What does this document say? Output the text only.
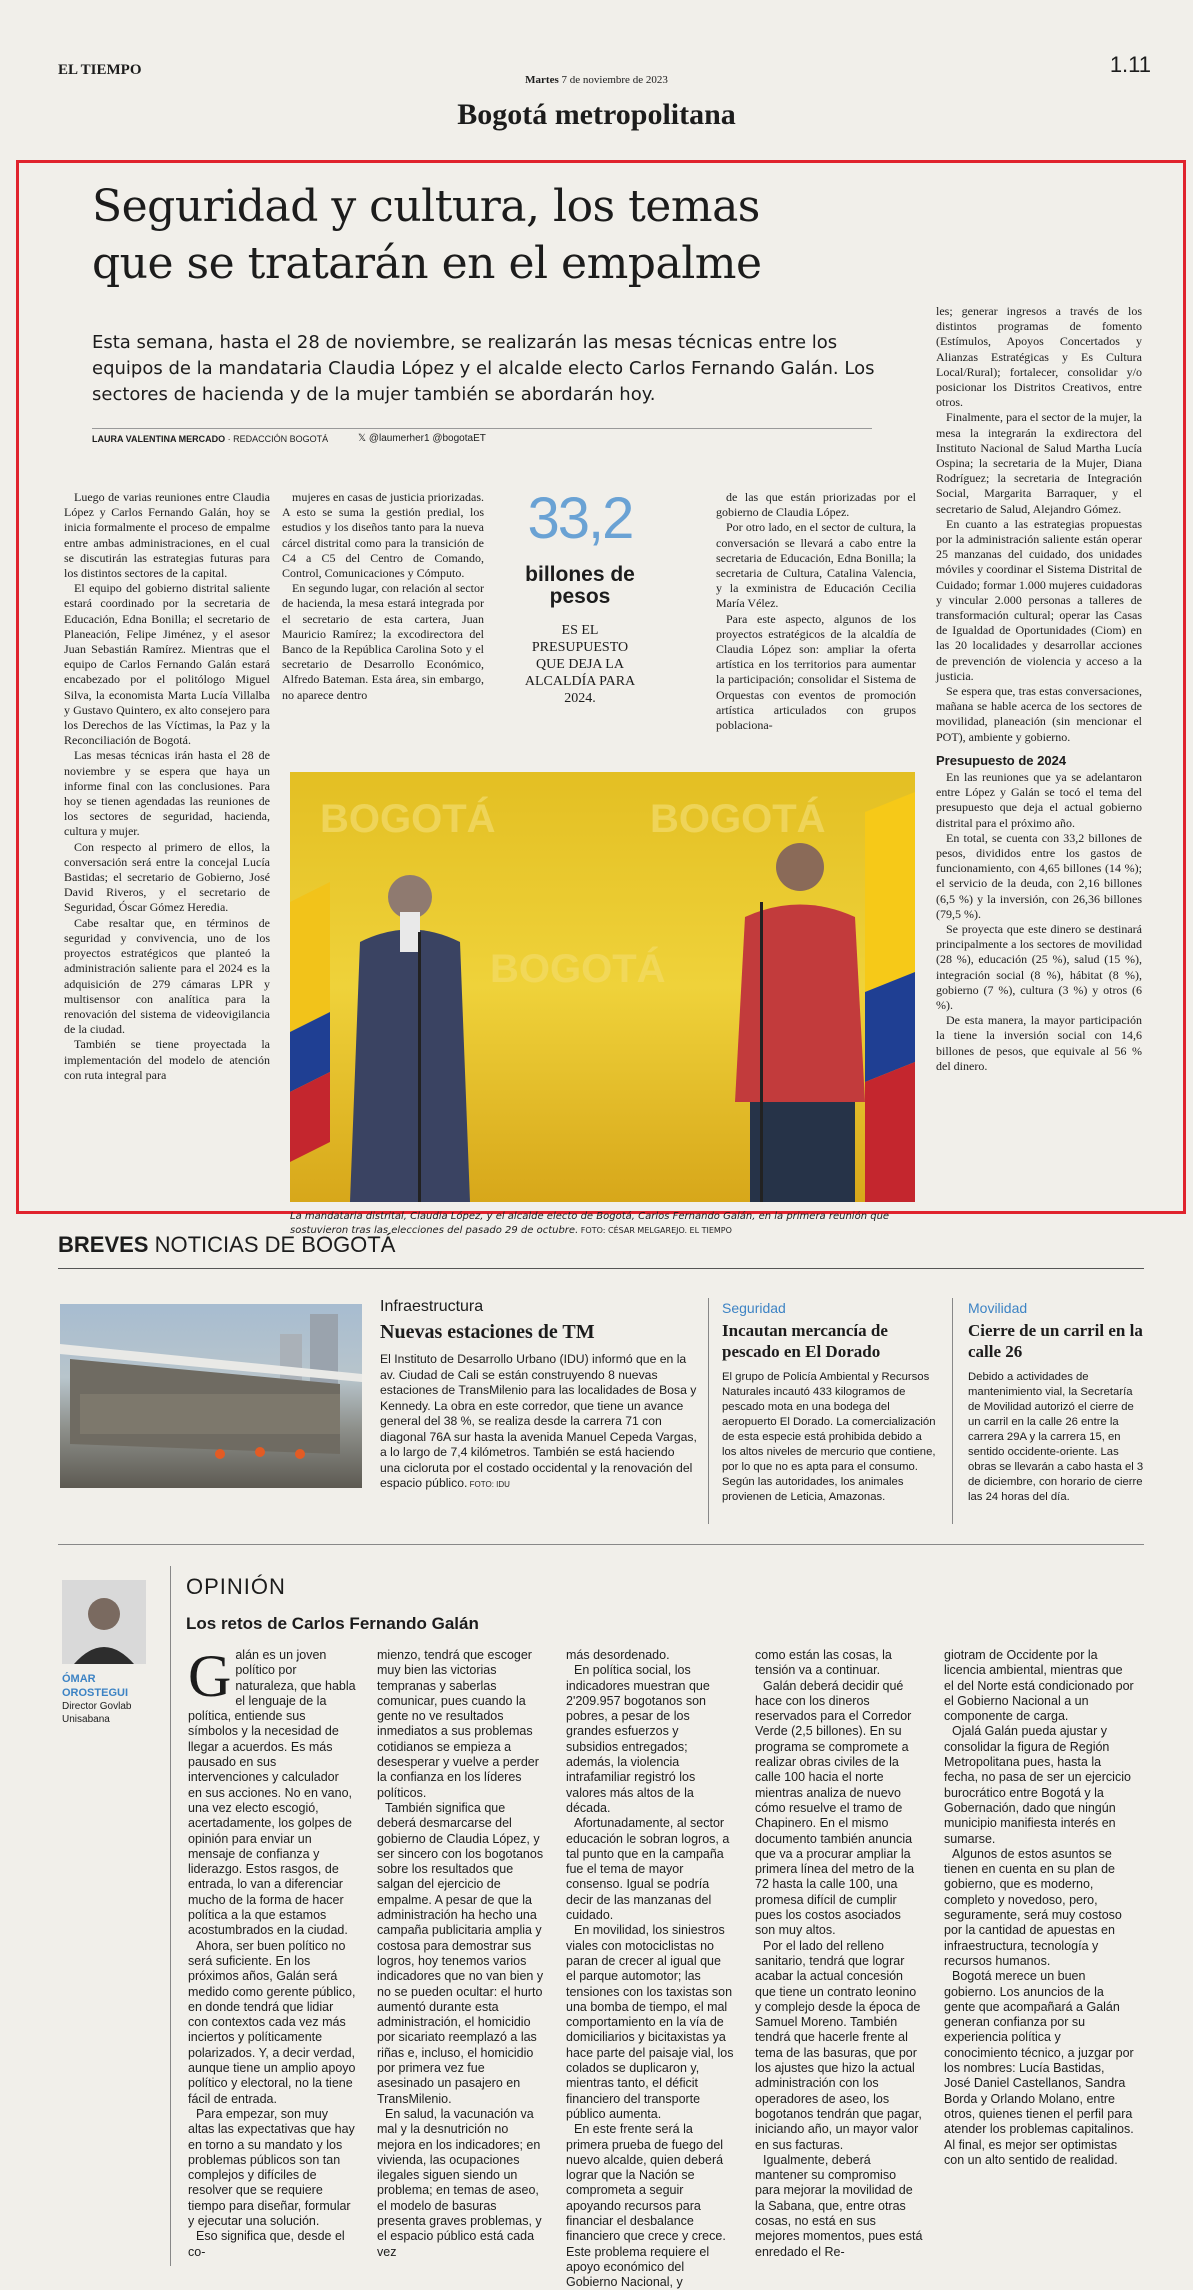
EL TIEMPO
Martes 7 de noviembre de 2023
1.11
Bogotá metropolitana
Seguridad y cultura, los temas
que se tratarán en el empalme
Esta semana, hasta el 28 de noviembre, se realizarán las mesas técnicas entre los equipos de la mandataria Claudia López y el alcalde electo Carlos Fernando Galán. Los sectores de hacienda y de la mujer también se abordarán hoy.
LAURA VALENTINA MERCADO · REDACCIÓN BOGOTÁ	𝕏 @laumerher1 @bogotaET

Luego de varias reuniones entre Claudia López y Carlos Fernando Galán, hoy se inicia formalmente el proceso de empalme entre ambas administraciones, en el cual se discutirán las estrategias futuras para los distintos sectores de la capital.

El equipo del gobierno distrital saliente estará coordinado por la secretaria de Educación, Edna Bonilla; el secretario de Planeación, Felipe Jiménez, y el asesor Juan Sebastián Ramírez. Mientras que el equipo de Carlos Fernando Galán estará encabezado por el politólogo Miguel Silva, la economista Marta Lucía Villalba y Gustavo Quintero, ex alto consejero para los Derechos de las Víctimas, la Paz y la Reconciliación de Bogotá.

Las mesas técnicas irán hasta el 28 de noviembre y se espera que haya un informe final con las conclusiones. Para hoy se tienen agendadas las reuniones de los sectores de seguridad, hacienda, cultura y mujer.

Con respecto al primero de ellos, la conversación será entre la concejal Lucía Bastidas; el secretario de Gobierno, José David Riveros, y el secretario de Seguridad, Óscar Gómez Heredia.

Cabe resaltar que, en términos de seguridad y convivencia, uno de los proyectos estratégicos que planteó la administración saliente para el 2024 es la adquisición de 279 cámaras LPR y multisensor con analítica para la renovación del sistema de videovigilancia de la ciudad.

También se tiene proyectada la implementación del modelo de atención con ruta integral para

mujeres en casas de justicia priorizadas. A esto se suma la gestión predial, los estudios y los diseños tanto para la nueva cárcel distrital como para la transición de C4 a C5 del Centro de Comando, Control, Comunicaciones y Cómputo.

En segundo lugar, con relación al sector de hacienda, la mesa estará integrada por el secretario de esta cartera, Juan Mauricio Ramírez; la excodirectora del Banco de la República Carolina Soto y el secretario de Desarrollo Económico, Alfredo Bateman. Esta área, sin embargo, no aparece dentro

33,2
billones de pesos
ES EL PRESUPUESTO QUE DEJA LA ALCALDÍA PARA 2024.

de las que están priorizadas por el gobierno de Claudia López.

Por otro lado, en el sector de cultura, la conversación se llevará a cabo entre la secretaria de Educación, Edna Bonilla; la secretaria de Cultura, Catalina Valencia, y la exministra de Educación Cecilia María Vélez.

Para este aspecto, algunos de los proyectos estratégicos de la alcaldía de Claudia López son: ampliar la oferta artística en los territorios para aumentar la participación; consolidar el Sistema de Orquestas con eventos de promoción artística articulados con grupos poblaciona-

les; generar ingresos a través de los distintos programas de fomento (Estímulos, Apoyos Concertados y Alianzas Estratégicas y Es Cultura Local/Rural); fortalecer, consolidar y/o posicionar los Distritos Creativos, entre otros.

Finalmente, para el sector de la mujer, la mesa la integrarán la exdirectora del Instituto Nacional de Salud Martha Lucía Ospina; la secretaria de la Mujer, Diana Rodríguez; la secretaria de Integración Social, Margarita Barraquer, y el secretario de Salud, Alejandro Gómez.

En cuanto a las estrategias propuestas por la administración saliente están operar 25 manzanas del cuidado, dos unidades móviles y coordinar el Sistema Distrital de Cuidado; formar 1.000 mujeres cuidadoras y vincular 2.000 personas a talleres de transformación cultural; operar las Casas de Igualdad de Oportunidades (Ciom) en las 20 localidades y desarrollar acciones de prevención de violencia y acceso a la justicia.

Se espera que, tras estas conversaciones, mañana se hable acerca de los sectores de movilidad, planeación (sin mencionar el POT), ambiente y gobierno.

Presupuesto de 2024

En las reuniones que ya se adelantaron entre López y Galán se tocó el tema del presupuesto que deja el actual gobierno distrital para el próximo año.

En total, se cuenta con 33,2 billones de pesos, divididos entre los gastos de funcionamiento, con 4,65 billones (14 %); el servicio de la deuda, con 2,16 billones (6,5 %) y la inversión, con 26,36 billones (79,5 %).

Se proyecta que este dinero se destinará principalmente a los sectores de movilidad (28 %), educación (25 %), salud (15 %), integración social (8 %), hábitat (8 %), gobierno (7 %), cultura (3 %) y otros (6 %).

De esta manera, la mayor participación la tiene la inversión social con 14,6 billones de pesos, que equivale al 56 % del dinero.

BOGOTÁ	BOGOTÁ
BOGOTÁ
La mandataria distrital, Claudia López, y el alcalde electo de Bogotá, Carlos Fernando Galán, en la primera reunión que sostuvieron tras las elecciones del pasado 29 de octubre. FOTO: CÉSAR MELGAREJO. EL TIEMPO
BREVES NOTICIAS DE BOGOTÁ
Infraestructura
Nuevas estaciones de TM
El Instituto de Desarrollo Urbano (IDU) informó que en la av. Ciudad de Cali se están construyendo 8 nuevas estaciones de TransMilenio para las localidades de Bosa y Kennedy. La obra en este corredor, que tiene un avance general del 38 %, se realiza desde la carrera 71 con diagonal 76A sur hasta la avenida Manuel Cepeda Vargas, a lo largo de 7,4 kilómetros. También se está haciendo una cicloruta por el costado occidental y la renovación del espacio público. FOTO: IDU
Seguridad
Incautan mercancía de pescado en El Dorado
El grupo de Policía Ambiental y Recursos Naturales incautó 433 kilogramos de pescado mota en una bodega del aeropuerto El Dorado. La comercialización de esta especie está prohibida debido a los altos niveles de mercurio que contiene, por lo que no es apta para el consumo. Según las autoridades, los animales provienen de Leticia, Amazonas.
Movilidad
Cierre de un carril en la calle 26
Debido a actividades de mantenimiento vial, la Secretaría de Movilidad autorizó el cierre de un carril en la calle 26 entre la carrera 29A y la carrera 15, en sentido occidente-oriente. Las obras se llevarán a cabo hasta el 3 de diciembre, con horario de cierre las 24 horas del día.
ÓMAR
OROSTEGUI
Director Govlab
Unisabana
OPINIÓN
Los retos de Carlos Fernando Galán

Galán es un joven político por naturaleza, que habla el lenguaje de la política, entiende sus símbolos y la necesidad de llegar a acuerdos. Es más pausado en sus intervenciones y calculador en sus acciones. No en vano, una vez electo escogió, acertadamente, los golpes de opinión para enviar un mensaje de confianza y liderazgo. Estos rasgos, de entrada, lo van a diferenciar mucho de la forma de hacer política a la que estamos acostumbrados en la ciudad.

Ahora, ser buen político no será suficiente. En los próximos años, Galán será medido como gerente público, en donde tendrá que lidiar con contextos cada vez más inciertos y políticamente polarizados. Y, a decir verdad, aunque tiene un amplio apoyo político y electoral, no la tiene fácil de entrada.

Para empezar, son muy altas las expectativas que hay en torno a su mandato y los problemas públicos son tan complejos y difíciles de resolver que se requiere tiempo para diseñar, formular y ejecutar una solución.

Eso significa que, desde el co-

mienzo, tendrá que escoger muy bien las victorias tempranas y saberlas comunicar, pues cuando la gente no ve resultados inmediatos a sus problemas cotidianos se empieza a desesperar y vuelve a perder la confianza en los líderes políticos.

También significa que deberá desmarcarse del gobierno de Claudia López, y ser sincero con los bogotanos sobre los resultados que salgan del ejercicio de empalme. A pesar de que la administración ha hecho una campaña publicitaria amplia y costosa para demostrar sus logros, hoy tenemos varios indicadores que no van bien y no se pueden ocultar: el hurto aumentó durante esta administración, el homicidio por sicariato reemplazó a las riñas e, incluso, el homicidio por primera vez fue asesinado un pasajero en TransMilenio.

En salud, la vacunación va mal y la desnutrición no mejora en los indicadores; en vivienda, las ocupaciones ilegales siguen siendo un problema; en temas de aseo, el modelo de basuras presenta graves problemas, y el espacio público está cada vez

más desordenado.

En política social, los indicadores muestran que 2'209.957 bogotanos son pobres, a pesar de los grandes esfuerzos y subsidios entregados; además, la violencia intrafamiliar registró los valores más altos de la década.

Afortunadamente, al sector educación le sobran logros, a tal punto que en la campaña fue el tema de mayor consenso. Igual se podría decir de las manzanas del cuidado.

En movilidad, los siniestros viales con motociclistas no paran de crecer al igual que el parque automotor; las tensiones con los taxistas son una bomba de tiempo, el mal comportamiento en la vía de domiciliarios y bicitaxistas ya hace parte del paisaje vial, los colados se duplicaron y, mientras tanto, el déficit financiero del transporte público aumenta.

En este frente será la primera prueba de fuego del nuevo alcalde, quien deberá lograr que la Nación se comprometa a seguir apoyando recursos para financiar el desbalance financiero que crece y crece. Este problema requiere el apoyo económico del Gobierno Nacional, y

como están las cosas, la tensión va a continuar.

Galán deberá decidir qué hace con los dineros reservados para el Corredor Verde (2,5 billones). En su programa se compromete a realizar obras civiles de la calle 100 hacia el norte mientras analiza de nuevo cómo resuelve el tramo de Chapinero. En el mismo documento también anuncia que va a procurar ampliar la primera línea del metro de la 72 hasta la calle 100, una promesa difícil de cumplir pues los costos asociados son muy altos.

Por el lado del relleno sanitario, tendrá que lograr acabar la actual concesión que tiene un contrato leonino y complejo desde la época de Samuel Moreno. También tendrá que hacerle frente al tema de las basuras, que por los ajustes que hizo la actual administración con los operadores de aseo, los bogotanos tendrán que pagar, iniciando año, un mayor valor en sus facturas.

Igualmente, deberá mantener su compromiso para mejorar la movilidad de la Sabana, que, entre otras cosas, no está en sus mejores momentos, pues está enredado el Re-

giotram de Occidente por la licencia ambiental, mientras que el del Norte está condicionado por el Gobierno Nacional a un componente de carga.

Ojalá Galán pueda ajustar y consolidar la figura de Región Metropolitana pues, hasta la fecha, no pasa de ser un ejercicio burocrático entre Bogotá y la Gobernación, dado que ningún municipio manifiesta interés en sumarse.

Algunos de estos asuntos se tienen en cuenta en su plan de gobierno, que es moderno, completo y novedoso, pero, seguramente, será muy costoso por la cantidad de apuestas en infraestructura, tecnología y recursos humanos.

Bogotá merece un buen gobierno. Los anuncios de la gente que acompañará a Galán generan confianza por su experiencia política y conocimiento técnico, a juzgar por los nombres: Lucía Bastidas, José Daniel Castellanos, Sandra Borda y Orlando Molano, entre otros, quienes tienen el perfil para atender los problemas capitalinos. Al final, es mejor ser optimistas con un alto sentido de realidad.
